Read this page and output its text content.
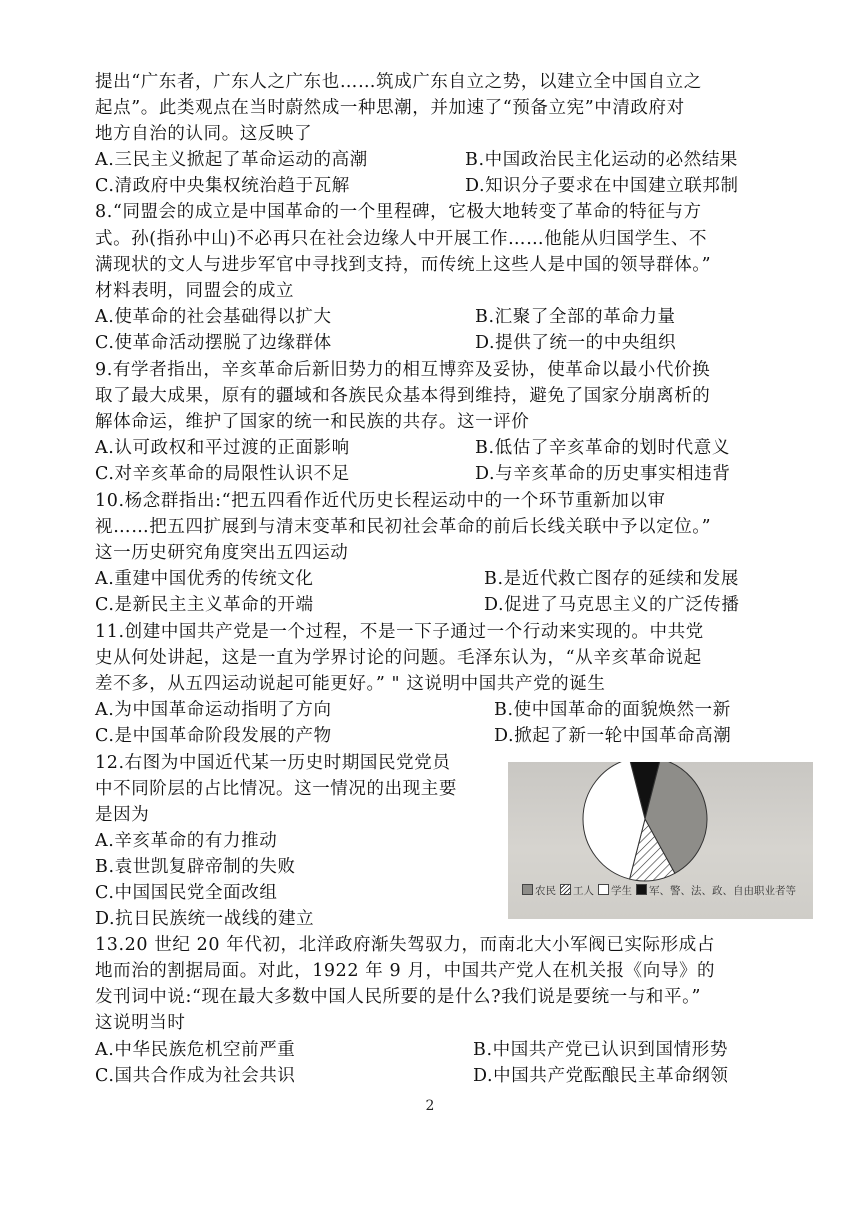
提出“广东者，广东人之广东也……筑成广东自立之势，以建立全中国自立之
起点”。此类观点在当时蔚然成一种思潮，并加速了“预备立宪”中清政府对
地方自治的认同。这反映了
A.三民主义掀起了革命运动的高潮	B.中国政治民主化运动的必然结果
C.清政府中央集权统治趋于瓦解	D.知识分子要求在中国建立联邦制
8.“同盟会的成立是中国革命的一个里程碑，它极大地转变了革命的特征与方
式。孙(指孙中山)不必再只在社会边缘人中开展工作……他能从归国学生、不
满现状的文人与进步军官中寻找到支持，而传统上这些人是中国的领导群体。”
材料表明，同盟会的成立
A.使革命的社会基础得以扩大	B.汇聚了全部的革命力量
C.使革命活动摆脱了边缘群体	D.提供了统一的中央组织
9.有学者指出，辛亥革命后新旧势力的相互博弈及妥协，使革命以最小代价换
取了最大成果，原有的疆域和各族民众基本得到维持，避免了国家分崩离析的
解体命运，维护了国家的统一和民族的共存。这一评价
A.认可政权和平过渡的正面影响	B.低估了辛亥革命的划时代意义
C.对辛亥革命的局限性认识不足	D.与辛亥革命的历史事实相违背
10.杨念群指出:“把五四看作近代历史长程运动中的一个环节重新加以审
视……把五四扩展到与清末变革和民初社会革命的前后长线关联中予以定位。”
这一历史研究角度突出五四运动
A.重建中国优秀的传统文化	B.是近代救亡图存的延续和发展
C.是新民主主义革命的开端	D.促进了马克思主义的广泛传播
11.创建中国共产党是一个过程，不是一下子通过一个行动来实现的。中共党
史从何处讲起，这是一直为学界讨论的问题。毛泽东认为，“从辛亥革命说起
差不多，从五四运动说起可能更好。” " 这说明中国共产党的诞生
A.为中国革命运动指明了方向	B.使中国革命的面貌焕然一新
C.是中国革命阶段发展的产物	D.掀起了新一轮中国革命高潮
12.右图为中国近代某一历史时期国民党党员
中不同阶层的占比情况。这一情况的出现主要
是因为
A.辛亥革命的有力推动
B.袁世凯复辟帝制的失败
C.中国国民党全面改组
D.抗日民族统一战线的建立
农民 工人 学生 军、警、法、政、自由职业者等
13.20 世纪 20 年代初，北洋政府渐失驾驭力，而南北大小军阀已实际形成占
地而治的割据局面。对此，1922 年 9 月，中国共产党人在机关报《向导》的
发刊词中说:“现在最大多数中国人民所要的是什么?我们说是要统一与和平。”
这说明当时
A.中华民族危机空前严重	B.中国共产党已认识到国情形势
C.国共合作成为社会共识	D.中国共产党酝酿民主革命纲领
2
